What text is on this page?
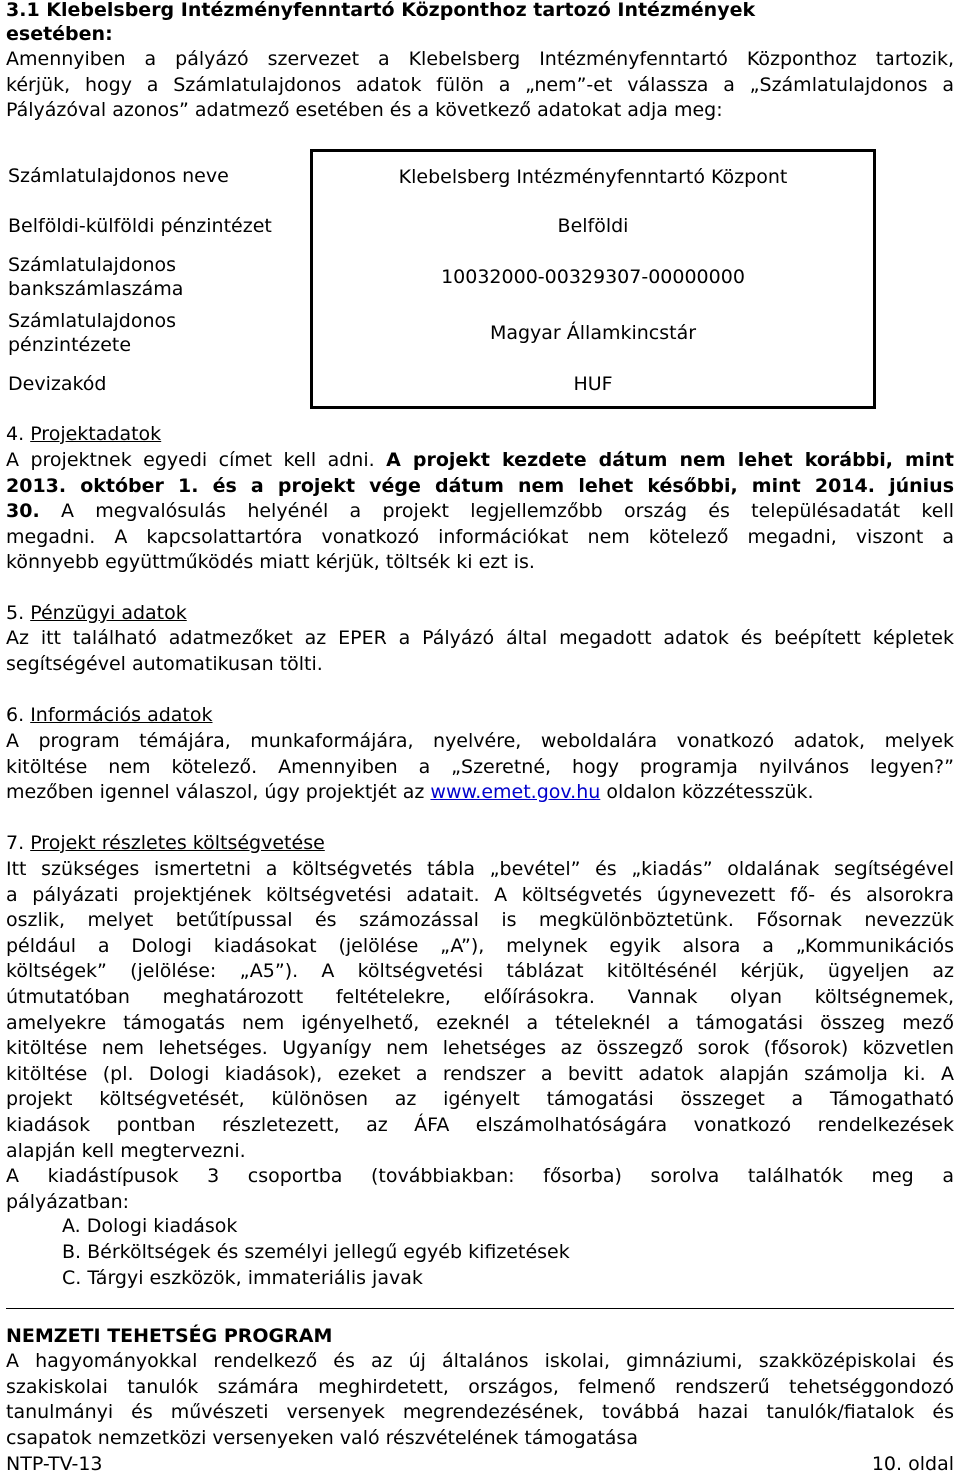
3.1 Klebelsberg Intézményfenntartó Központhoz tartozó Intézmények
esetében:
Amennyiben a pályázó szervezet a Klebelsberg Intézményfenntartó Központhoz tartozik,
kérjük, hogy a Számlatulajdonos adatok fülön a „nem”-et válassza a „Számlatulajdonos a
Pályázóval azonos” adatmező esetében és a következő adatokat adja meg:
Számlatulajdonos neve	Klebelsberg Intézményfenntartó Központ
Belföldi-külföldi pénzintézet	Belföldi
Számlatulajdonos
bankszámlaszáma	10032000-00329307-00000000
Számlatulajdonos
pénzintézete	Magyar Államkincstár
Devizakód	HUF
4. Projektadatok
A projektnek egyedi címet kell adni. A projekt kezdete dátum nem lehet korábbi, mint
2013. október 1. és a projekt vége dátum nem lehet későbbi, mint 2014. június
30. A megvalósulás helyénél a projekt legjellemzőbb ország és településadatát kell
megadni. A kapcsolattartóra vonatkozó információkat nem kötelező megadni, viszont a
könnyebb együttműködés miatt kérjük, töltsék ki ezt is.
5. Pénzügyi adatok
Az itt található adatmezőket az EPER a Pályázó által megadott adatok és beépített képletek
segítségével automatikusan tölti.
6. Információs adatok
A program témájára, munkaformájára, nyelvére, weboldalára vonatkozó adatok, melyek
kitöltése nem kötelező. Amennyiben a „Szeretné, hogy programja nyilvános legyen?”
mezőben igennel válaszol, úgy projektjét az www.emet.gov.hu oldalon közzétesszük.
7. Projekt részletes költségvetése
Itt szükséges ismertetni a költségvetés tábla „bevétel” és „kiadás” oldalának segítségével
a pályázati projektjének költségvetési adatait. A költségvetés úgynevezett fő- és alsorokra
oszlik, melyet betűtípussal és számozással is megkülönböztetünk. Fősornak nevezzük
például a Dologi kiadásokat (jelölése „A”), melynek egyik alsora a „Kommunikációs
költségek” (jelölése: „A5”). A költségvetési táblázat kitöltésénél kérjük, ügyeljen az
útmutatóban meghatározott feltételekre, előírásokra. Vannak olyan költségnemek,
amelyekre támogatás nem igényelhető, ezeknél a tételeknél a támogatási összeg mező
kitöltése nem lehetséges. Ugyanígy nem lehetséges az összegző sorok (fősorok) közvetlen
kitöltése (pl. Dologi kiadások), ezeket a rendszer a bevitt adatok alapján számolja ki. A
projekt költségvetését, különösen az igényelt támogatási összeget a Támogatható
kiadások pontban részletezett, az ÁFA elszámolhatóságára vonatkozó rendelkezések
alapján kell megtervezni.
A kiadástípusok 3 csoportba (továbbiakban: fősorba) sorolva találhatók meg a
pályázatban:
A. Dologi kiadások
B. Bérköltségek és személyi jellegű egyéb kifizetések
C. Tárgyi eszközök, immateriális javak
NEMZETI TEHETSÉG PROGRAM
A hagyományokkal rendelkező és az új általános iskolai, gimnáziumi, szakközépiskolai és
szakiskolai tanulók számára meghirdetett, országos, felmenő rendszerű tehetséggondozó
tanulmányi és művészeti versenyek megrendezésének, továbbá hazai tanulók/fiatalok és
csapatok nemzetközi versenyeken való részvételének támogatása
NTP-TV-13	10. oldal
